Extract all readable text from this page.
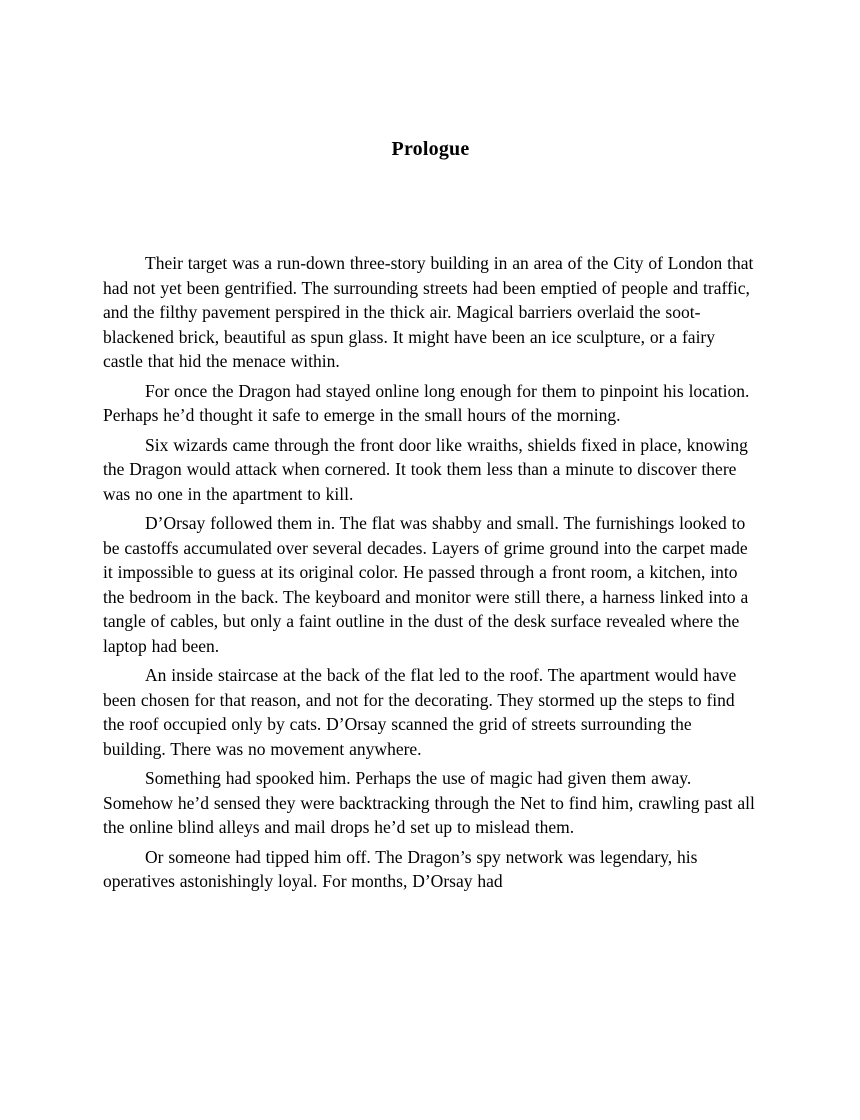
Prologue

Their target was a run-down three-story building in an area of the City of London that had not yet been gentrified. The surrounding streets had been emptied of people and traffic, and the filthy pavement perspired in the thick air. Magical barriers overlaid the soot-blackened brick, beautiful as spun glass. It might have been an ice sculpture, or a fairy castle that hid the menace within.

For once the Dragon had stayed online long enough for them to pinpoint his location. Perhaps he’d thought it safe to emerge in the small hours of the morning.

Six wizards came through the front door like wraiths, shields fixed in place, knowing the Dragon would attack when cornered. It took them less than a minute to discover there was no one in the apartment to kill.

D’Orsay followed them in. The flat was shabby and small. The furnishings looked to be castoffs accumulated over several decades. Layers of grime ground into the carpet made it impossible to guess at its original color. He passed through a front room, a kitchen, into the bedroom in the back. The keyboard and monitor were still there, a harness linked into a tangle of cables, but only a faint outline in the dust of the desk surface revealed where the laptop had been.

An inside staircase at the back of the flat led to the roof. The apartment would have been chosen for that reason, and not for the decorating. They stormed up the steps to find the roof occupied only by cats. D’Orsay scanned the grid of streets surrounding the building. There was no movement anywhere.

Something had spooked him. Perhaps the use of magic had given them away. Somehow he’d sensed they were backtracking through the Net to find him, crawling past all the online blind alleys and mail drops he’d set up to mislead them.

Or someone had tipped him off. The Dragon’s spy network was legendary, his operatives astonishingly loyal. For months, D’Orsay had
